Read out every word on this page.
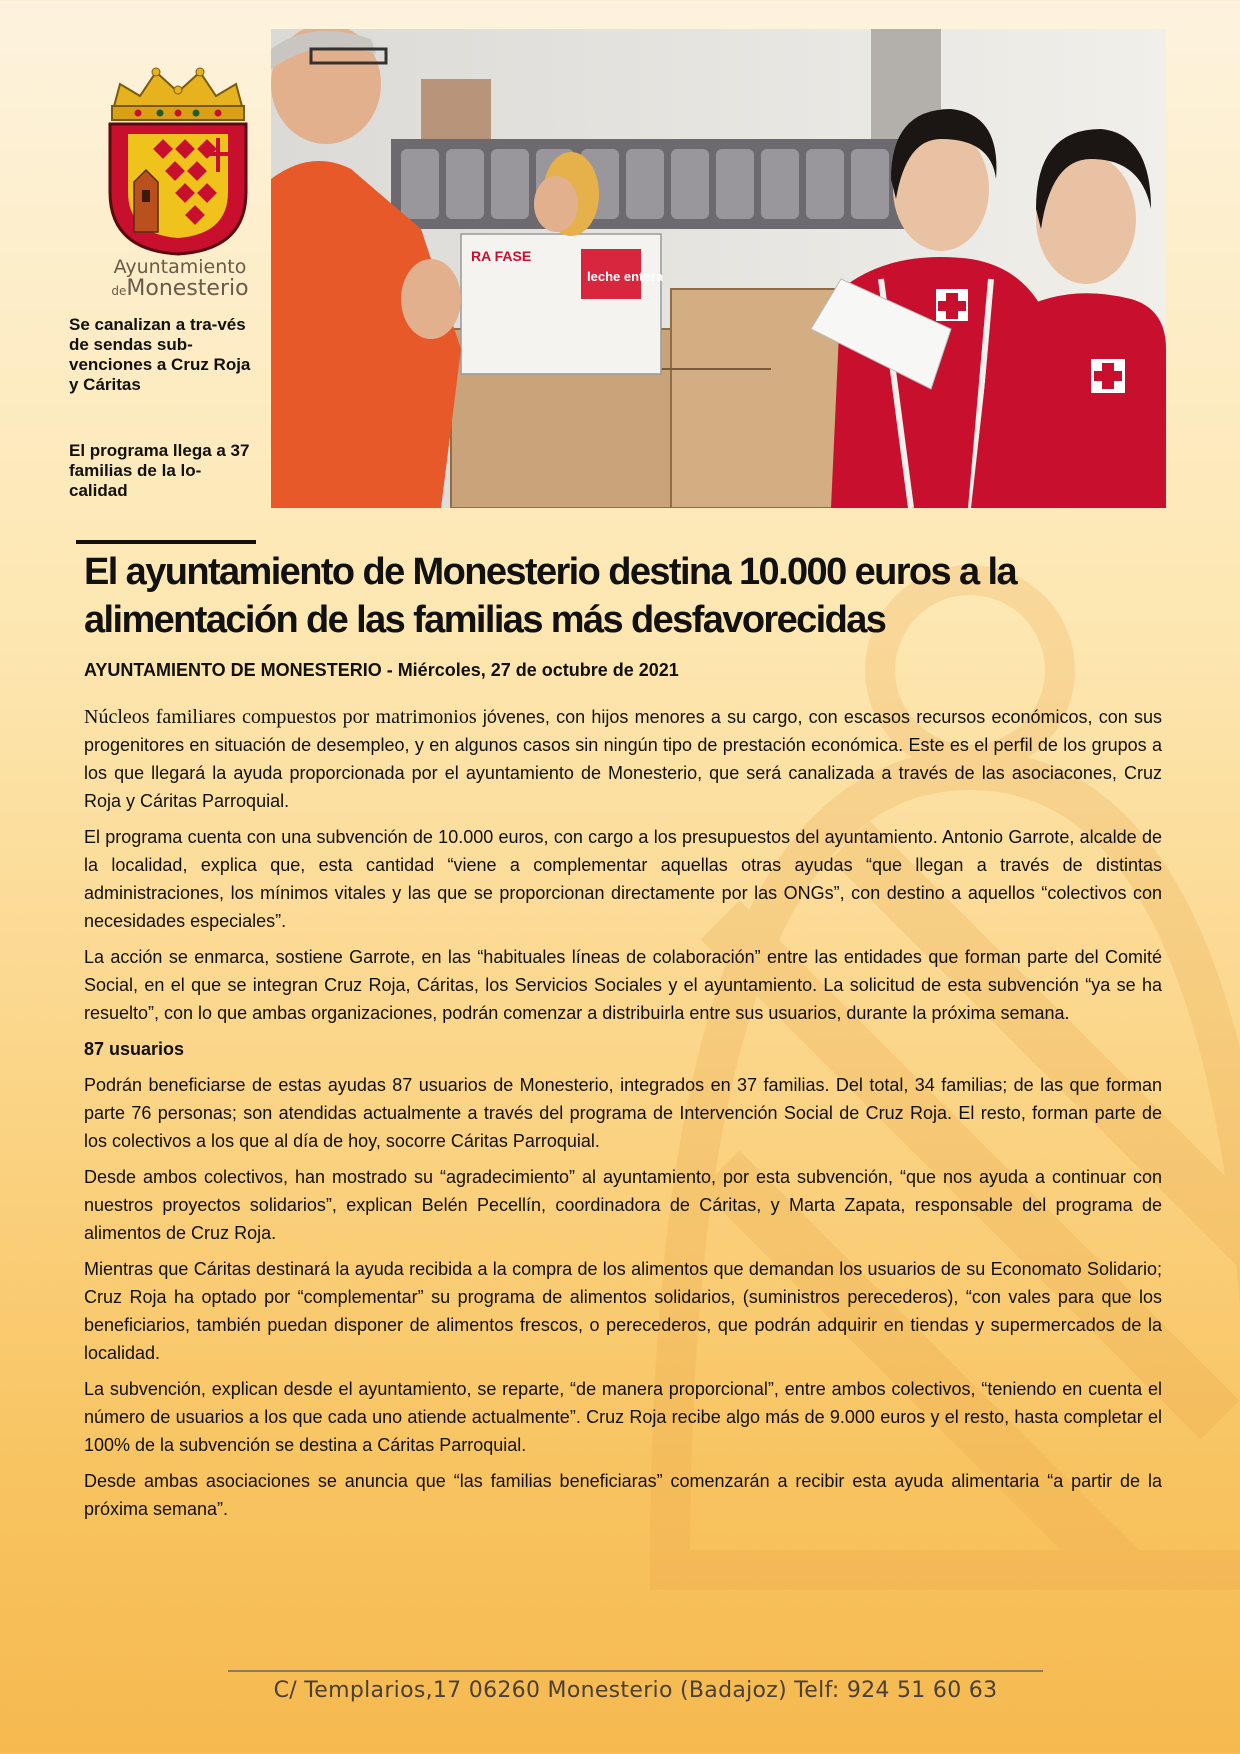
Ayuntamiento
deMonesterio
Se canalizan a tra-vés de sendas sub-venciones a Cruz Roja y Cáritas
El programa llega a 37 familias de la lo-calidad
RA FASE
leche entera
El ayuntamiento de Monesterio destina 10.000 euros a la alimentación de las familias más desfavorecidas
AYUNTAMIENTO DE MONESTERIO - Miércoles, 27 de octubre de 2021

Núcleos familiares compuestos por matrimonios jóvenes, con hijos menores a su cargo, con escasos recursos económicos, con sus progenitores en situación de desempleo, y en algunos casos sin ningún tipo de prestación económica. Este es el perfil de los grupos a los que llegará la ayuda proporcionada por el ayuntamiento de Monesterio, que será canalizada a través de las asociacones, Cruz Roja y Cáritas Parroquial.

El programa cuenta con una subvención de 10.000 euros, con cargo a los presupuestos del ayuntamiento. Antonio Garrote, alcalde de la localidad, explica que, esta cantidad “viene a complementar aquellas otras ayudas “que llegan a través de distintas administraciones, los mínimos vitales y las que se proporcionan directamente por las ONGs”, con destino a aquellos “colectivos con necesidades especiales”.

La acción se enmarca, sostiene Garrote, en las “habituales líneas de colaboración” entre las entidades que forman parte del Comité Social, en el que se integran Cruz Roja, Cáritas, los Servicios Sociales y el ayuntamiento. La solicitud de esta subvención “ya se ha resuelto”, con lo que ambas organizaciones, podrán comenzar a distribuirla entre sus usuarios, durante la próxima semana.

87 usuarios

Podrán beneficiarse de estas ayudas 87 usuarios de Monesterio, integrados en 37 familias. Del total, 34 familias; de las que forman parte 76 personas; son atendidas actualmente a través del programa de Intervención Social de Cruz Roja. El resto, forman parte de los colectivos a los que al día de hoy, socorre Cáritas Parroquial.

Desde ambos colectivos, han mostrado su “agradecimiento” al ayuntamiento, por esta subvención, “que nos ayuda a continuar con nuestros proyectos solidarios”, explican Belén Pecellín, coordinadora de Cáritas, y Marta Zapata, responsable del programa de alimentos de Cruz Roja.

Mientras que Cáritas destinará la ayuda recibida a la compra de los alimentos que demandan los usuarios de su Economato Solidario; Cruz Roja ha optado por “complementar” su programa de alimentos solidarios, (suministros perecederos), “con vales para que los beneficiarios, también puedan disponer de alimentos frescos, o perecederos, que podrán adquirir en tiendas y supermercados de la localidad.

La subvención, explican desde el ayuntamiento, se reparte, “de manera proporcional”, entre ambos colectivos, “teniendo en cuenta el número de usuarios a los que cada uno atiende actualmente”. Cruz Roja recibe algo más de 9.000 euros y el resto, hasta completar el 100% de la subvención se destina a Cáritas Parroquial.

Desde ambas asociaciones se anuncia que “las familias beneficiaras” comenzarán a recibir esta ayuda alimentaria “a partir de la próxima semana”.

C/ Templarios,17 06260 Monesterio (Badajoz) Telf: 924 51 60 63
